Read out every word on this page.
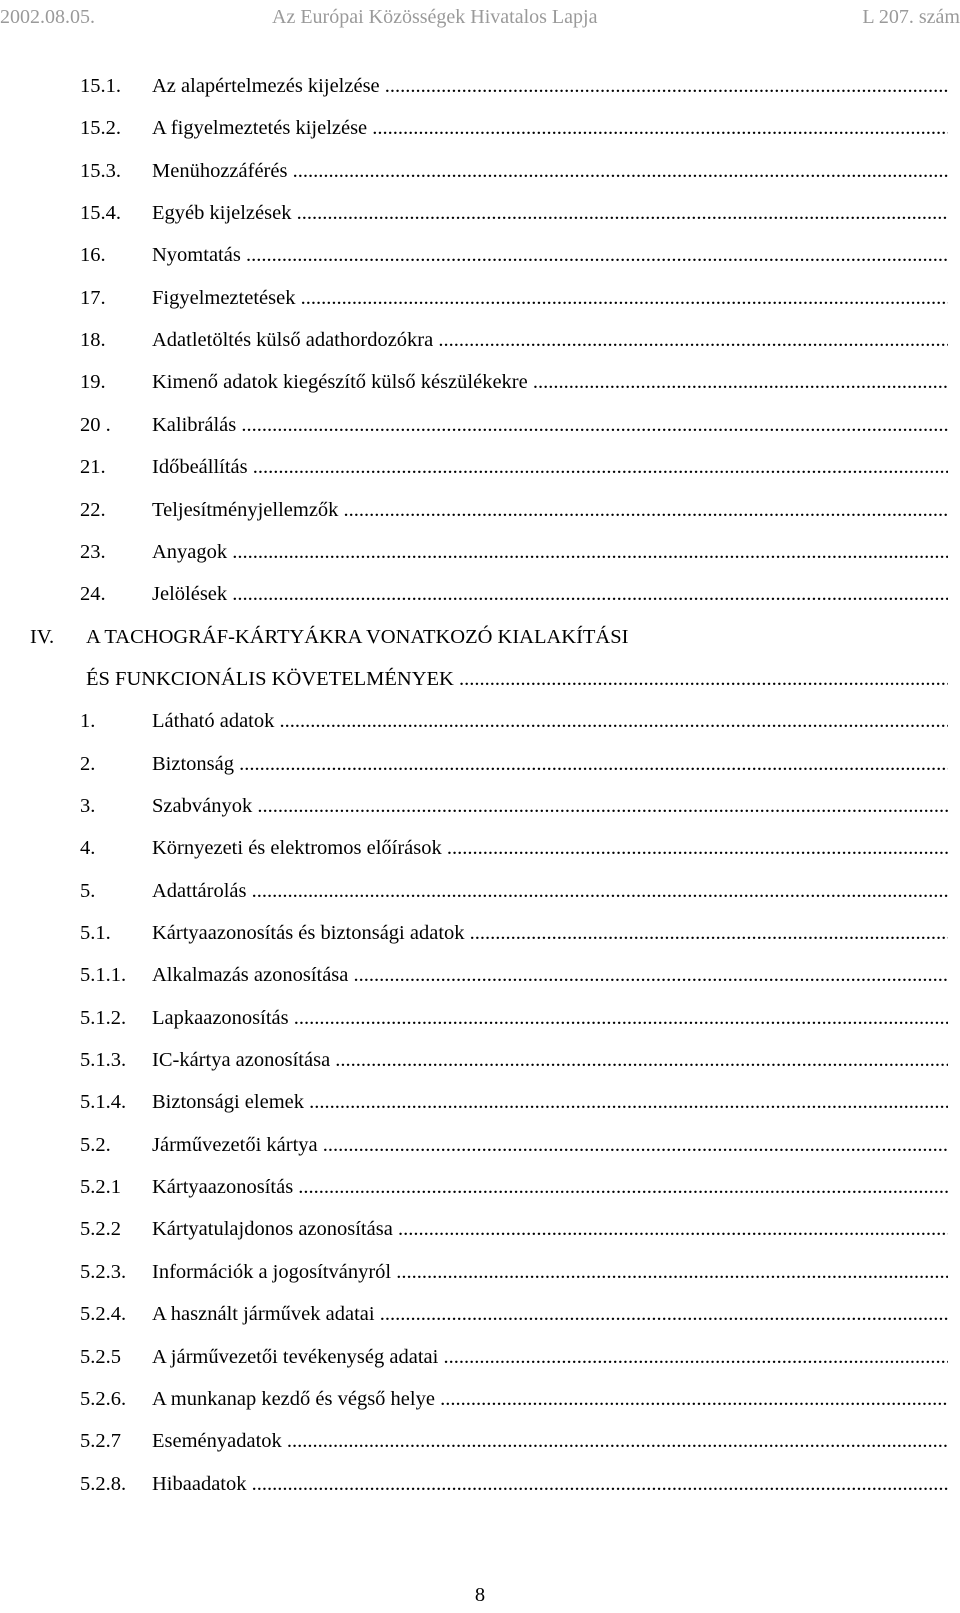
2002.08.05.	Az Európai Közösségek Hivatalos Lapja	L 207. szám
15.1. Az alapértelmezés kijelzése .....
15.2. A figyelmeztetés kijelzése .....
15.3. Menühozzáférés .....
15.4. Egyéb kijelzések .....
16. Nyomtatás .....
17. Figyelmeztetések .....
18. Adatletöltés külső adathordozókra .....
19. Kimenő adatok kiegészítő külső készülékekre .....
20 . Kalibrálás .....
21. Időbeállítás .....
22. Teljesítményjellemzők .....
23. Anyagok .....
24. Jelölések .....
IV. A TACHOGRÁF-KÁRTYÁKRA VONATKOZÓ KIALAKÍTÁSI
ÉS FUNKCIONÁLIS KÖVETELMÉNYEK .....
1.	Látható adatok .....
2.	Biztonság .....
3.	Szabványok .....
4.	Környezeti és elektromos előírások .....
5.	Adattárolás .....
5.1. Kártyaazonosítás és biztonsági adatok .....
5.1.1. Alkalmazás azonosítása .....
5.1.2. Lapkaazonosítás .....
5.1.3. IC-kártya azonosítása .....
5.1.4. Biztonsági elemek .....
5.2. Járművezetői kártya .....
5.2.1 Kártyaazonosítás .....
5.2.2 Kártyatulajdonos azonosítása .....
5.2.3. Információk a jogosítványról .....
5.2.4. A használt járművek adatai .....
5.2.5 A járművezetői tevékenység adatai .....
5.2.6. A munkanap kezdő és végső helye .....
5.2.7 Eseményadatok .....
5.2.8. Hibaadatok .....
8
